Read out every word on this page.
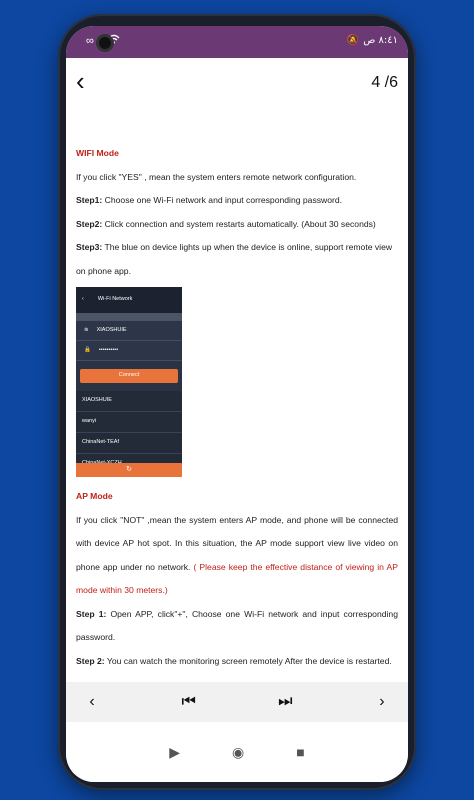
∞	🔕 ٨:٤١ ص
‹	4 /6
WIFI Mode
If you click "YES" , mean the system enters remote network configuration.
Step1: Choose one Wi-Fi network and input corresponding password.
Step2: Click connection and system restarts automatically. (About 30 seconds)
Step3: The blue on device lights up when the device is online, support remote view on phone app.
‹	Wi-Fi Network
≋ XIAOSHUIE
🔒 ••••••••••
Connect
XIAOSHUIE
wanyi
ChinaNet-TEAf
↻
AP Mode
If you click "NOT" ,mean the system enters AP mode, and phone will be connected with device AP hot spot. In this situation, the AP mode support view live video on phone app under no network. ( Please keep the effective distance of viewing in AP mode within 30 meters.)
Step 1: Open APP, click"+", Choose one Wi-Fi network and input corresponding password.
Step 2: You can watch the monitoring screen remotely After the device is restarted.
‹	⏮	⏭	›
▶	◉	■
